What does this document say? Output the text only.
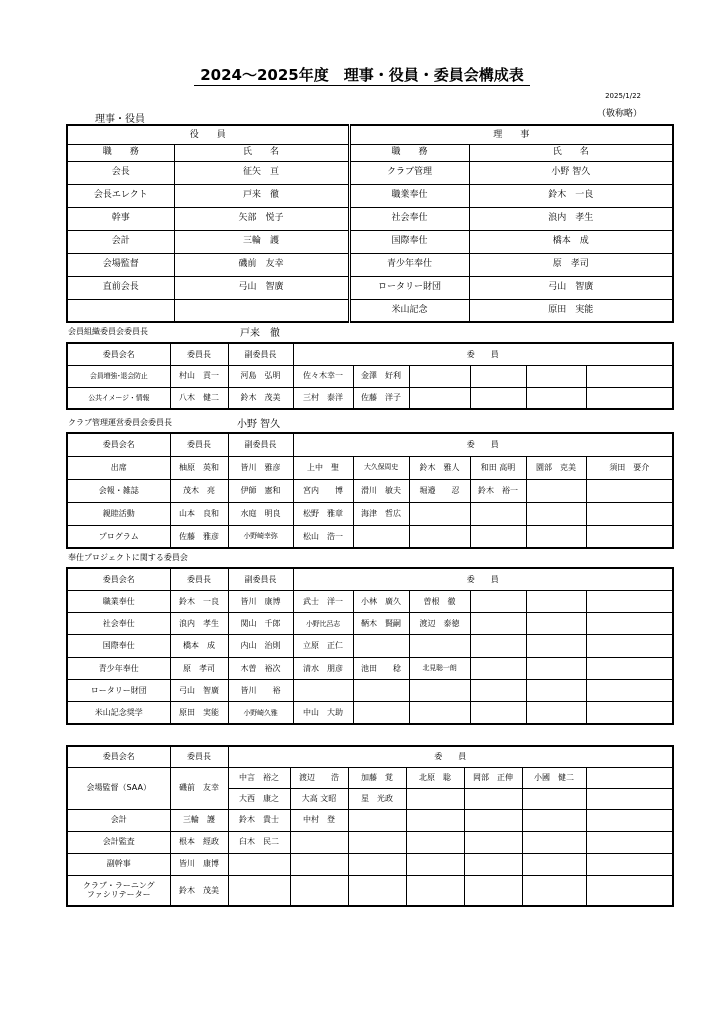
2024〜2025年度　理事・役員・委員会構成表
2025/1/22
（敬称略）
理事・役員
役　　員		理　　事	
職　　務	氏　　名	職　　務	氏　　名
会長	征矢　亘	クラブ管理	小野 智久
会長エレクト	戸来　徹	職業奉仕	鈴木　一良
幹事	矢部　悦子	社会奉仕	浪内　孝生
会計	三輪　護	国際奉仕	橋本　成
会場監督	磯前　友幸	青少年奉仕	原　孝司
直前会長	弓山　智廣	ロータリー財団	弓山　智廣
		米山記念	原田　実能
会員組織委員会委員長	戸来　徹
委員会名	委員長	副委員長	委　　員					
会員増強･退会防止	村山　貢一	河島　弘明	佐々木幸一	金澤　好利				
公共イメージ・情報	八木　健二	鈴木　茂美	三村　泰洋	佐藤　洋子				
クラブ管理運営委員会委員長	小野 智久
委員会名	委員長	副委員長	委　　員					
出席	柚原　英和	皆川　雅彦	上中　聖	大久保周史	鈴木　雅人	和田 高明	園部　克美	須田　要介
会報・雑誌	茂木　亮	伊師　憲和	宮内　　博	滑川　敏夫	堀邉　　忍	鈴木　裕一		
親睦活動	山本　良和	水庭　明良	松野　雅章	海津　哲広				
プログラム	佐藤　雅彦	小野崎幸弥	松山　浩一					
奉仕プロジェクトに関する委員会
委員会名	委員長	副委員長	委　　員					
職業奉仕	鈴木　一良	皆川　康博	武士　洋一	小林　廣久	曽根　徹			
社会奉仕	浪内　孝生	関山　千郎	小野比呂志	鞆木　賢嗣	渡辺　泰徳			
国際奉仕	橋本　成	内山　治則	立原　正仁					
青少年奉仕	原　孝司	木曽　裕次	清水　朋彦	池田　　稔	北見聡一朗			
ロータリー財団	弓山　智廣	皆川　　裕						
米山記念奨学	原田　実能	小野崎久雅	中山　大助					
委員会名	委員長	委　　員						
会場監督（SAA）	磯前　友幸	中言　裕之	渡辺　　浩	加藤　覚	北原　聡	岡部　正伸	小國　健二	
		大西　康之	大高 文昭	星　光政				
会計	三輪　護	鈴木　貴士	中村　登					
会計監査	根本　經政	臼木　民二						
副幹事	皆川　康博							

クラブ・ラーニング
ファシリテーター	鈴木　茂美							
